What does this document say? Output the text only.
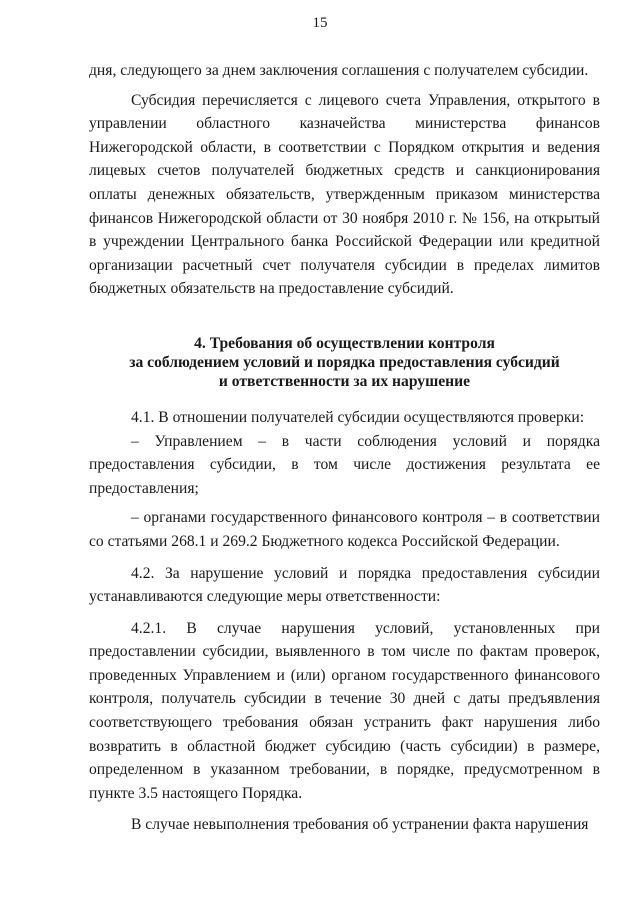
15

дня, следующего за днем заключения соглашения с получателем субсидии.

Субсидия перечисляется с лицевого счета Управления, открытого в управлении областного казначейства министерства финансов Нижегородской области, в соответствии с Порядком открытия и ведения лицевых счетов получателей бюджетных средств и санкционирования оплаты денежных обязательств, утвержденным приказом министерства финансов Нижегородской области от 30 ноября 2010 г. № 156, на открытый в учреждении Центрального банка Российской Федерации или кредитной организации расчетный счет получателя субсидии в пределах лимитов бюджетных обязательств на предоставление субсидий.

4. Требования об осуществлении контроля
за соблюдением условий и порядка предоставления субсидий
и ответственности за их нарушение

4.1. В отношении получателей субсидии осуществляются проверки:

– Управлением – в части соблюдения условий и порядка предоставления субсидии, в том числе достижения результата ее предоставления;

– органами государственного финансового контроля – в соответствии со статьями 268.1 и 269.2 Бюджетного кодекса Российской Федерации.

4.2. За нарушение условий и порядка предоставления субсидии устанавливаются следующие меры ответственности:

4.2.1. В случае нарушения условий, установленных при предоставлении субсидии, выявленного в том числе по фактам проверок, проведенных Управлением и (или) органом государственного финансового контроля, получатель субсидии в течение 30 дней с даты предъявления соответствующего требования обязан устранить факт нарушения либо возвратить в областной бюджет субсидию (часть субсидии) в размере, определенном в указанном требовании, в порядке, предусмотренном в пункте 3.5 настоящего Порядка.

В случае невыполнения требования об устранении факта нарушения
